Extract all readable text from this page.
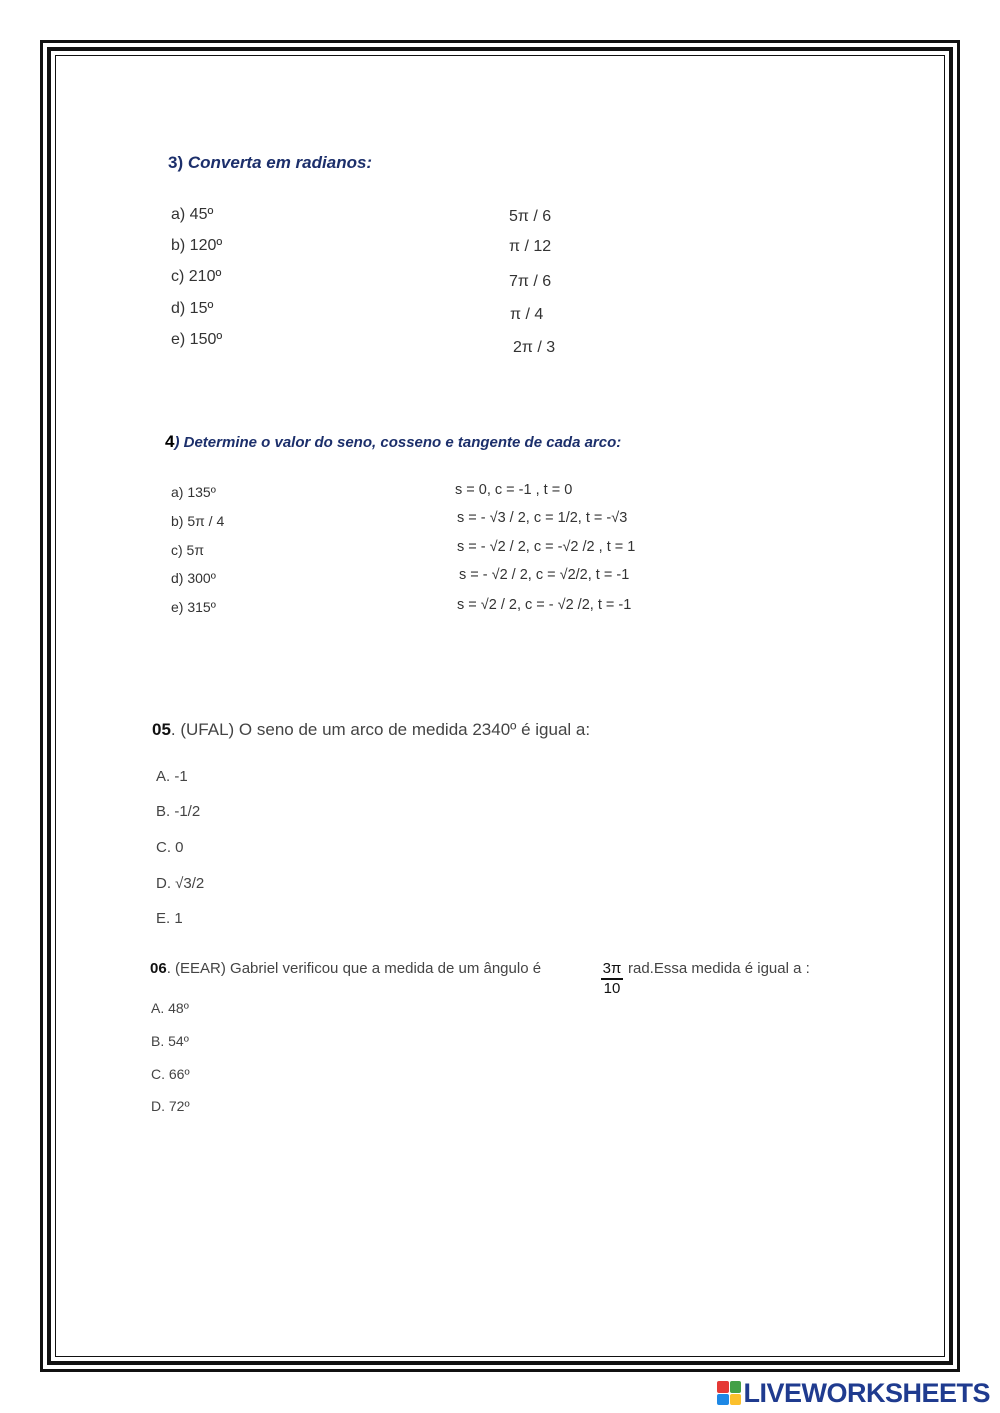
3) Converta em radianos:
a) 45º
b) 120º
c) 210º
d) 15º
e) 150º
5π / 6
π / 12
7π / 6
π / 4
2π / 3
4) Determine o valor do seno, cosseno e tangente de cada arco:
a) 135º
b) 5π / 4
c) 5π
d) 300º
e) 315º
s = 0, c = -1 , t = 0
s = - √3 / 2, c = 1/2, t = -√3
s = - √2 / 2, c = -√2 /2 , t = 1
s = - √2 / 2, c = √2/2, t = -1
s = √2 / 2, c = - √2 /2, t = -1
05. (UFAL) O seno de um arco de medida 2340º é igual a:
A. -1
B. -1/2
C. 0
D. √3/2
E. 1
06. (EEAR) Gabriel verificou que a medida de um ângulo é	$\frac{3\pi}{10}$ rad.Essa medida é igual a :
A. 48º
B. 54º
C. 66º
D. 72º
LIVEWORKSHEETS
